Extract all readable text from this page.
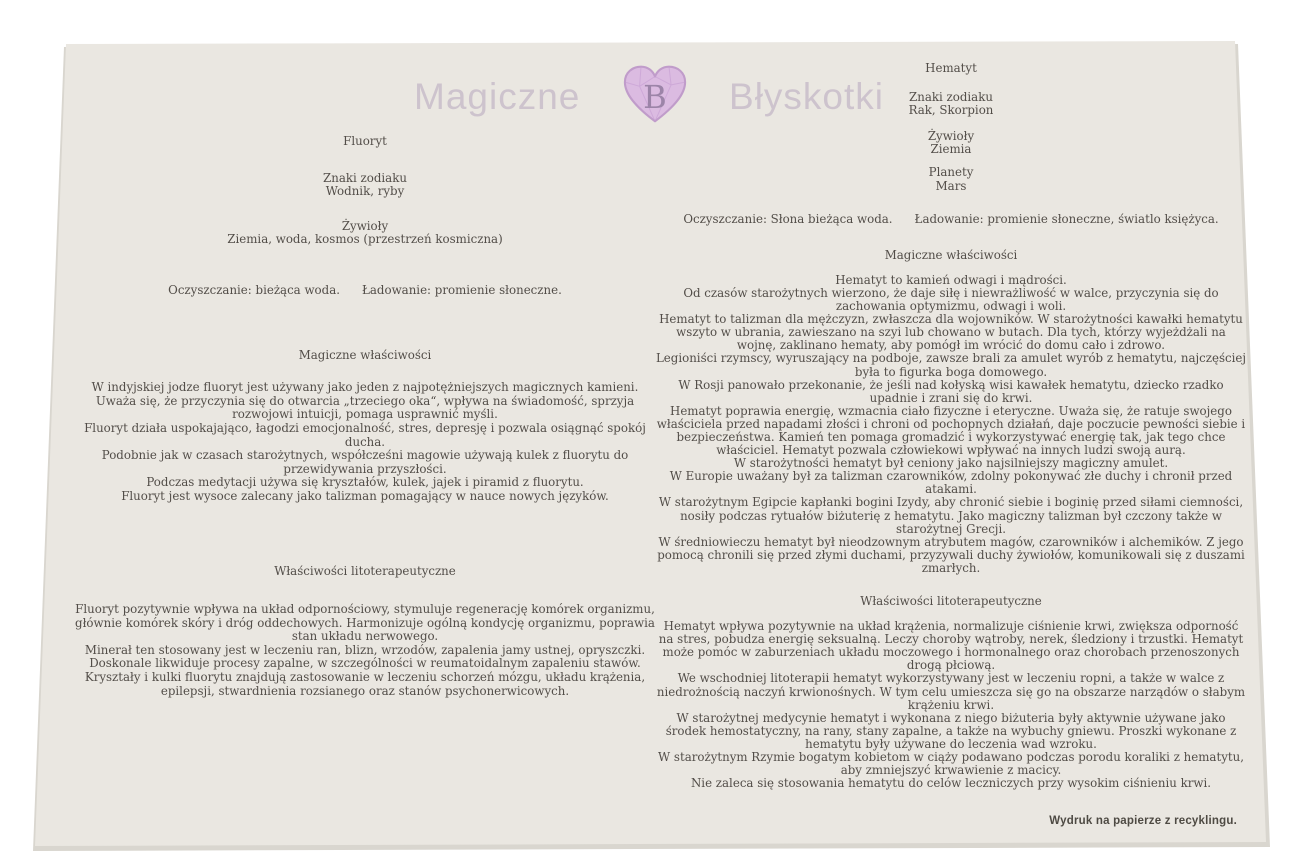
Magiczne B Błyskotki
Fluoryt
Znaki zodiaku
Wodnik, ryby
Żywioły
Ziemia, woda, kosmos (przestrzeń kosmiczna)
Oczyszczanie: bieżąca woda. Ładowanie: promienie słoneczne.
Magiczne właściwości

W indyjskiej jodze fluoryt jest używany jako jeden z najpotężniejszych magicznych kamieni. Uważa się, że przyczynia się do otwarcia „trzeciego oka“, wpływa na świadomość, sprzyja rozwojowi intuicji, pomaga usprawnić myśli.

Fluoryt działa uspokajająco, łagodzi emocjonalność, stres, depresję i pozwala osiągnąć spokój ducha.

Podobnie jak w czasach starożytnych, współcześni magowie używają kulek z fluorytu do przewidywania przyszłości.

Podczas medytacji używa się kryształów, kulek, jajek i piramid z fluorytu.

Fluoryt jest wysoce zalecany jako talizman pomagający w nauce nowych języków.

Właściwości litoterapeutyczne

Fluoryt pozytywnie wpływa na układ odpornościowy, stymuluje regenerację komórek organizmu, głównie komórek skóry i dróg oddechowych. Harmonizuje ogólną kondycję organizmu, poprawia stan układu nerwowego.

Minerał ten stosowany jest w leczeniu ran, blizn, wrzodów, zapalenia jamy ustnej, opryszczki.

Doskonale likwiduje procesy zapalne, w szczególności w reumatoidalnym zapaleniu stawów.

Kryształy i kulki fluorytu znajdują zastosowanie w leczeniu schorzeń mózgu, układu krążenia, epilepsji, stwardnienia rozsianego oraz stanów psychonerwicowych.

Hematyt
Znaki zodiaku
Rak, Skorpion
Żywioły
Ziemia
Planety
Mars
Oczyszczanie: Słona bieżąca woda. Ładowanie: promienie słoneczne, światlo księżyca.
Magiczne właściwości

Hematyt to kamień odwagi i mądrości.

Od czasów starożytnych wierzono, że daje siłę i niewrażliwość w walce, przyczynia się do zachowania optymizmu, odwagi i woli.

Hematyt to talizman dla mężczyzn, zwłaszcza dla wojowników. W starożytności kawałki hematytu wszyto w ubrania, zawieszano na szyi lub chowano w butach. Dla tych, którzy wyjeżdżali na wojnę, zaklinano hematy, aby pomógł im wrócić do domu cało i zdrowo.

Legioniści rzymscy, wyruszający na podboje, zawsze brali za amulet wyrób z hematytu, najczęściej była to figurka boga domowego.

W Rosji panowało przekonanie, że jeśli nad kołyską wisi kawałek hematytu, dziecko rzadko upadnie i zrani się do krwi.

Hematyt poprawia energię, wzmacnia ciało fizyczne i eteryczne. Uważa się, że ratuje swojego właściciela przed napadami złości i chroni od pochopnych działań, daje poczucie pewności siebie i bezpieczeństwa. Kamień ten pomaga gromadzić i wykorzystywać energię tak, jak tego chce właściciel. Hematyt pozwala człowiekowi wpływać na innych ludzi swoją aurą.

W starożytności hematyt był ceniony jako najsilniejszy magiczny amulet.

W Europie uważany był za talizman czarowników, zdolny pokonywać złe duchy i chronił przed atakami.

W starożytnym Egipcie kapłanki bogini Izydy, aby chronić siebie i boginię przed siłami ciemności, nosiły podczas rytuałów biżuterię z hematytu. Jako magiczny talizman był czczony także w starożytnej Grecji.

W średniowieczu hematyt był nieodzownym atrybutem magów, czarowników i alchemików. Z jego pomocą chronili się przed złymi duchami, przyzywali duchy żywiołów, komunikowali się z duszami zmarłych.

Właściwości litoterapeutyczne

Hematyt wpływa pozytywnie na układ krążenia, normalizuje ciśnienie krwi, zwiększa odporność na stres, pobudza energię seksualną. Leczy choroby wątroby, nerek, śledziony i trzustki. Hematyt może pomóc w zaburzeniach układu moczowego i hormonalnego oraz chorobach przenoszonych drogą płciową.

We wschodniej litoterapii hematyt wykorzystywany jest w leczeniu ropni, a także w walce z niedrożnością naczyń krwionośnych. W tym celu umieszcza się go na obszarze narządów o słabym krążeniu krwi.

W starożytnej medycynie hematyt i wykonana z niego biżuteria były aktywnie używane jako środek hemostatyczny, na rany, stany zapalne, a także na wybuchy gniewu. Proszki wykonane z hematytu były używane do leczenia wad wzroku.

W starożytnym Rzymie bogatym kobietom w ciąży podawano podczas porodu koraliki z hematytu, aby zmniejszyć krwawienie z macicy.

Nie zaleca się stosowania hematytu do celów leczniczych przy wysokim ciśnieniu krwi.

Wydruk na papierze z recyklingu.
